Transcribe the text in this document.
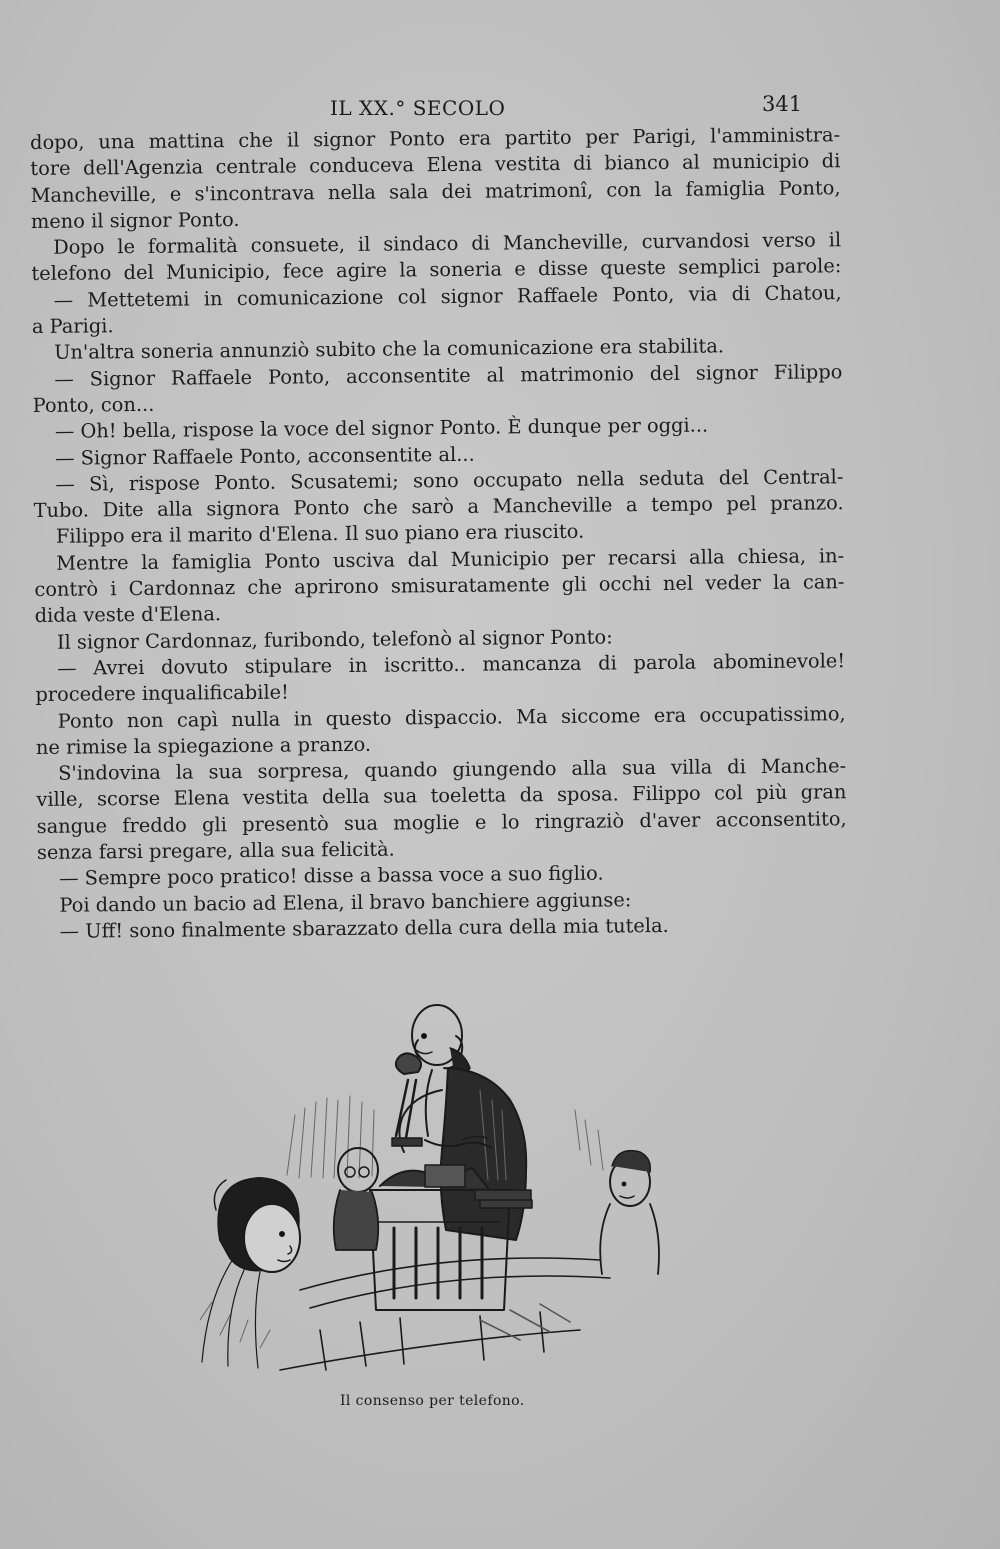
IL XX.° SECOLO	341
dopo, una mattina che il signor Ponto era partito per Parigi, l'amministra-
tore dell'Agenzia centrale conduceva Elena vestita di bianco al municipio di
Mancheville, e s'incontrava nella sala dei matrimonî, con la famiglia Ponto,
meno il signor Ponto.
Dopo le formalità consuete, il sindaco di Mancheville, curvandosi verso il
telefono del Municipio, fece agire la soneria e disse queste semplici parole:
— Mettetemi in comunicazione col signor Raffaele Ponto, via di Chatou,
a Parigi.
Un'altra soneria annunziò subito che la comunicazione era stabilita.
— Signor Raffaele Ponto, acconsentite al matrimonio del signor Filippo
Ponto, con...
— Oh! bella, rispose la voce del signor Ponto. È dunque per oggi...
— Signor Raffaele Ponto, acconsentite al...
— Sì, rispose Ponto. Scusatemi; sono occupato nella seduta del Central-
Tubo. Dite alla signora Ponto che sarò a Mancheville a tempo pel pranzo.
Filippo era il marito d'Elena. Il suo piano era riuscito.
Mentre la famiglia Ponto usciva dal Municipio per recarsi alla chiesa, in-
contrò i Cardonnaz che aprirono smisuratamente gli occhi nel veder la can-
dida veste d'Elena.
Il signor Cardonnaz, furibondo, telefonò al signor Ponto:
— Avrei dovuto stipulare in iscritto.. mancanza di parola abominevole!
procedere inqualificabile!
Ponto non capì nulla in questo dispaccio. Ma siccome era occupatissimo,
ne rimise la spiegazione a pranzo.
S'indovina la sua sorpresa, quando giungendo alla sua villa di Manche-
ville, scorse Elena vestita della sua toeletta da sposa. Filippo col più gran
sangue freddo gli presentò sua moglie e lo ringraziò d'aver acconsentito,
senza farsi pregare, alla sua felicità.
— Sempre poco pratico! disse a bassa voce a suo figlio.
Poi dando un bacio ad Elena, il bravo banchiere aggiunse:
— Uff! sono finalmente sbarazzato della cura della mia tutela.
Il consenso per telefono.
